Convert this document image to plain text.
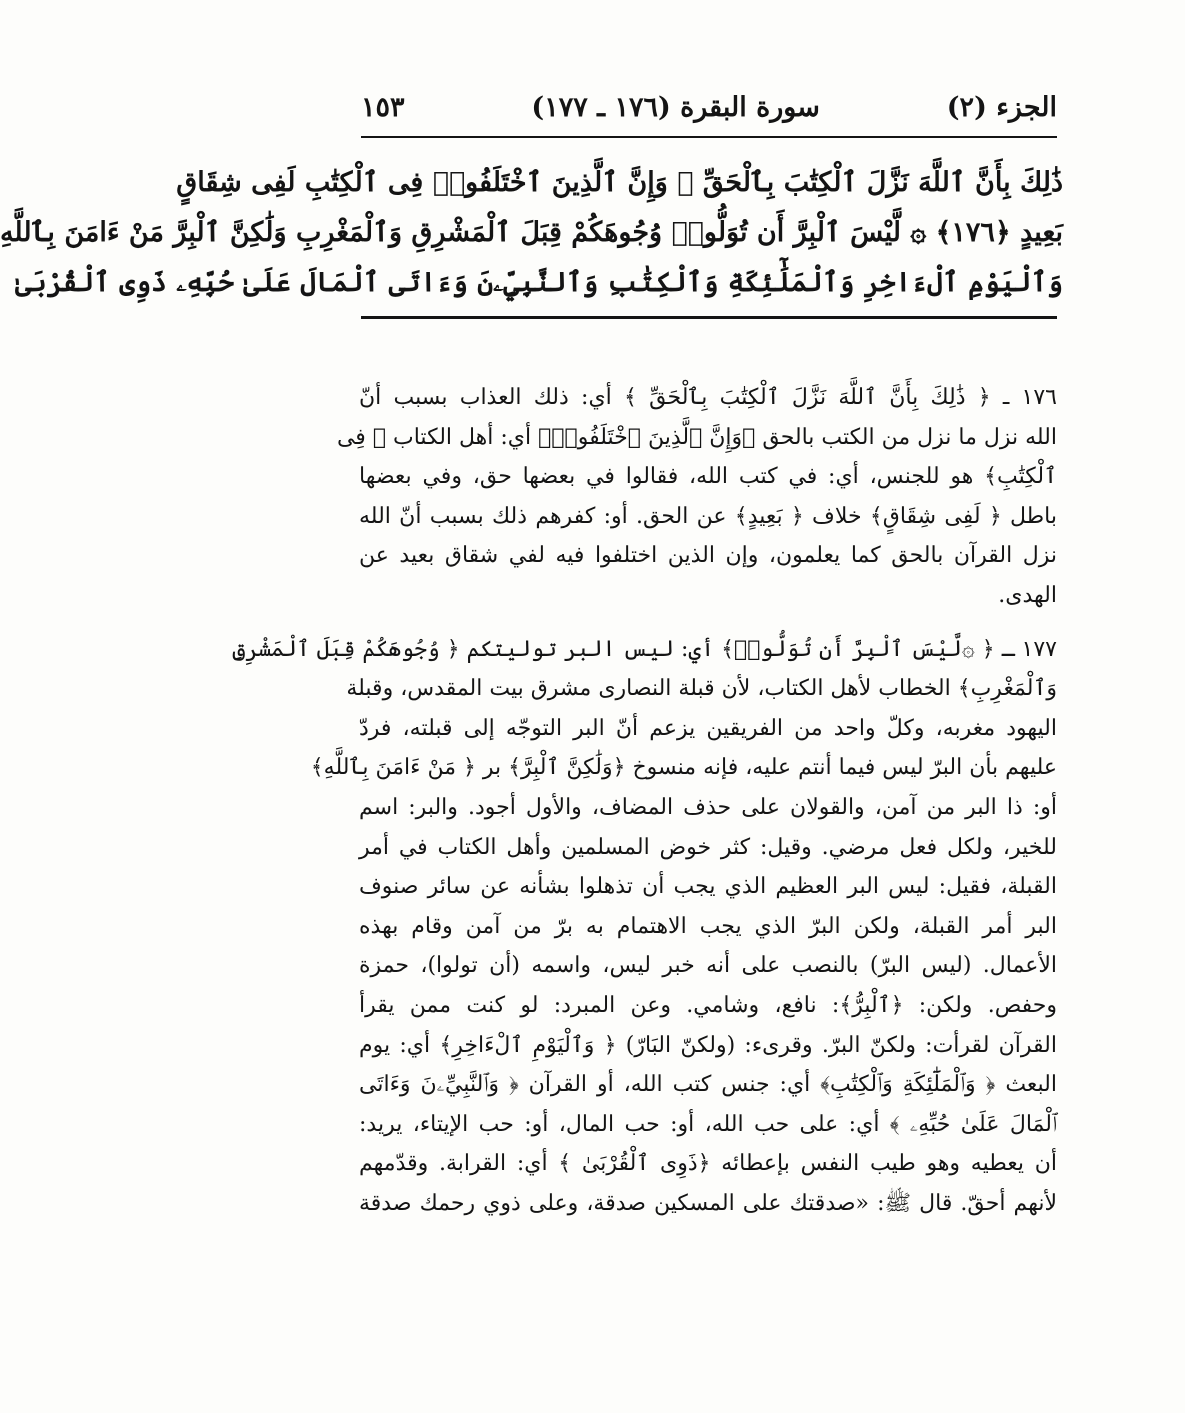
الجزء (٢)
سورة البقرة (١٧٦ ـ ١٧٧)
١٥٣
ذَٰلِكَ بِأَنَّ ٱللَّهَ نَزَّلَ ٱلْكِتَٰبَ بِٱلْحَقِّ ۗ وَإِنَّ ٱلَّذِينَ ٱخْتَلَفُوا۟ فِى ٱلْكِتَٰبِ لَفِى شِقَاقٍ
بَعِيدٍ ﴿١٧٦﴾ ۞ لَّيْسَ ٱلْبِرَّ أَن تُوَلُّوا۟ وُجُوهَكُمْ قِبَلَ ٱلْمَشْرِقِ وَٱلْمَغْرِبِ وَلَٰكِنَّ ٱلْبِرَّ مَنْ ءَامَنَ بِٱللَّهِ
وَٱلْيَوْمِ ٱلْءَاخِرِ وَٱلْمَلَٰٓئِكَةِ وَٱلْكِتَٰبِ وَٱلنَّبِيِّۦنَ وَءَاتَى ٱلْمَالَ عَلَىٰ حُبِّهِۦ ذَوِى ٱلْقُرْبَىٰ
١٧٦ ـ ﴿ ذَٰلِكَ بِأَنَّ ٱللَّهَ نَزَّلَ ٱلْكِتَٰبَ بِٱلْحَقِّ ﴾ أي: ذلك العذاب بسبب أنّ
الله نزل ما نزل من الكتب بالحق ﴿وَإِنَّ ٱلَّذِينَ ٱخْتَلَفُوا۟﴾ أي: أهل الكتاب ﴿ فِى
ٱلْكِتَٰبِ﴾ هو للجنس، أي: في كتب الله، فقالوا في بعضها حق، وفي بعضها
باطل ﴿ لَفِى شِقَاقٍ﴾ خلاف ﴿ بَعِيدٍ﴾ عن الحق. أو: كفرهم ذلك بسبب أنّ الله
نزل القرآن بالحق كما يعلمون، وإن الذين اختلفوا فيه لفي شقاق بعيد عن
الهدى.
١٧٧ ـ ﴿ ۞لَّيْسَ ٱلْبِرَّ أَن تُوَلُّوا۟﴾ أي: ليس البر توليتكم ﴿ وُجُوهَكُمْ قِبَلَ ٱلْمَشْرِقِ
وَٱلْمَغْرِبِ﴾ الخطاب لأهل الكتاب، لأن قبلة النصارى مشرق بيت المقدس، وقبلة
اليهود مغربه، وكلّ واحد من الفريقين يزعم أنّ البر التوجّه إلى قبلته، فردّ
عليهم بأن البرّ ليس فيما أنتم عليه، فإنه منسوخ ﴿وَلَٰكِنَّ ٱلْبِرَّ﴾ بر ﴿ مَنْ ءَامَنَ بِٱللَّهِ﴾
أو: ذا البر من آمن، والقولان على حذف المضاف، والأول أجود. والبر: اسم
للخير، ولكل فعل مرضي. وقيل: كثر خوض المسلمين وأهل الكتاب في أمر
القبلة، فقيل: ليس البر العظيم الذي يجب أن تذهلوا بشأنه عن سائر صنوف
البر أمر القبلة، ولكن البرّ الذي يجب الاهتمام به برّ من آمن وقام بهذه
الأعمال. (ليس البرّ) بالنصب على أنه خبر ليس، واسمه (أن تولوا)، حمزة
وحفص. ولكن: ﴿ٱلْبِرُّ﴾: نافع، وشامي. وعن المبرد: لو كنت ممن يقرأ
القرآن لقرأت: ولكنّ البرّ. وقرىء: (ولكنّ البَارّ) ﴿ وَٱلْيَوْمِ ٱلْءَاخِرِ﴾ أي: يوم
البعث ﴿ وَٱلْمَلَٰٓئِكَةِ وَٱلْكِتَٰبِ﴾ أي: جنس كتب الله، أو القرآن ﴿ وَٱلنَّبِيِّۦنَ وَءَاتَى
ٱلْمَالَ عَلَىٰ حُبِّهِۦ ﴾ أي: على حب الله، أو: حب المال، أو: حب الإيتاء، يريد:
أن يعطيه وهو طيب النفس بإعطائه ﴿ذَوِى ٱلْقُرْبَىٰ ﴾ أي: القرابة. وقدّمهم
لأنهم أحقّ. قال ﷺ: «صدقتك على المسكين صدقة، وعلى ذوي رحمك صدقة
